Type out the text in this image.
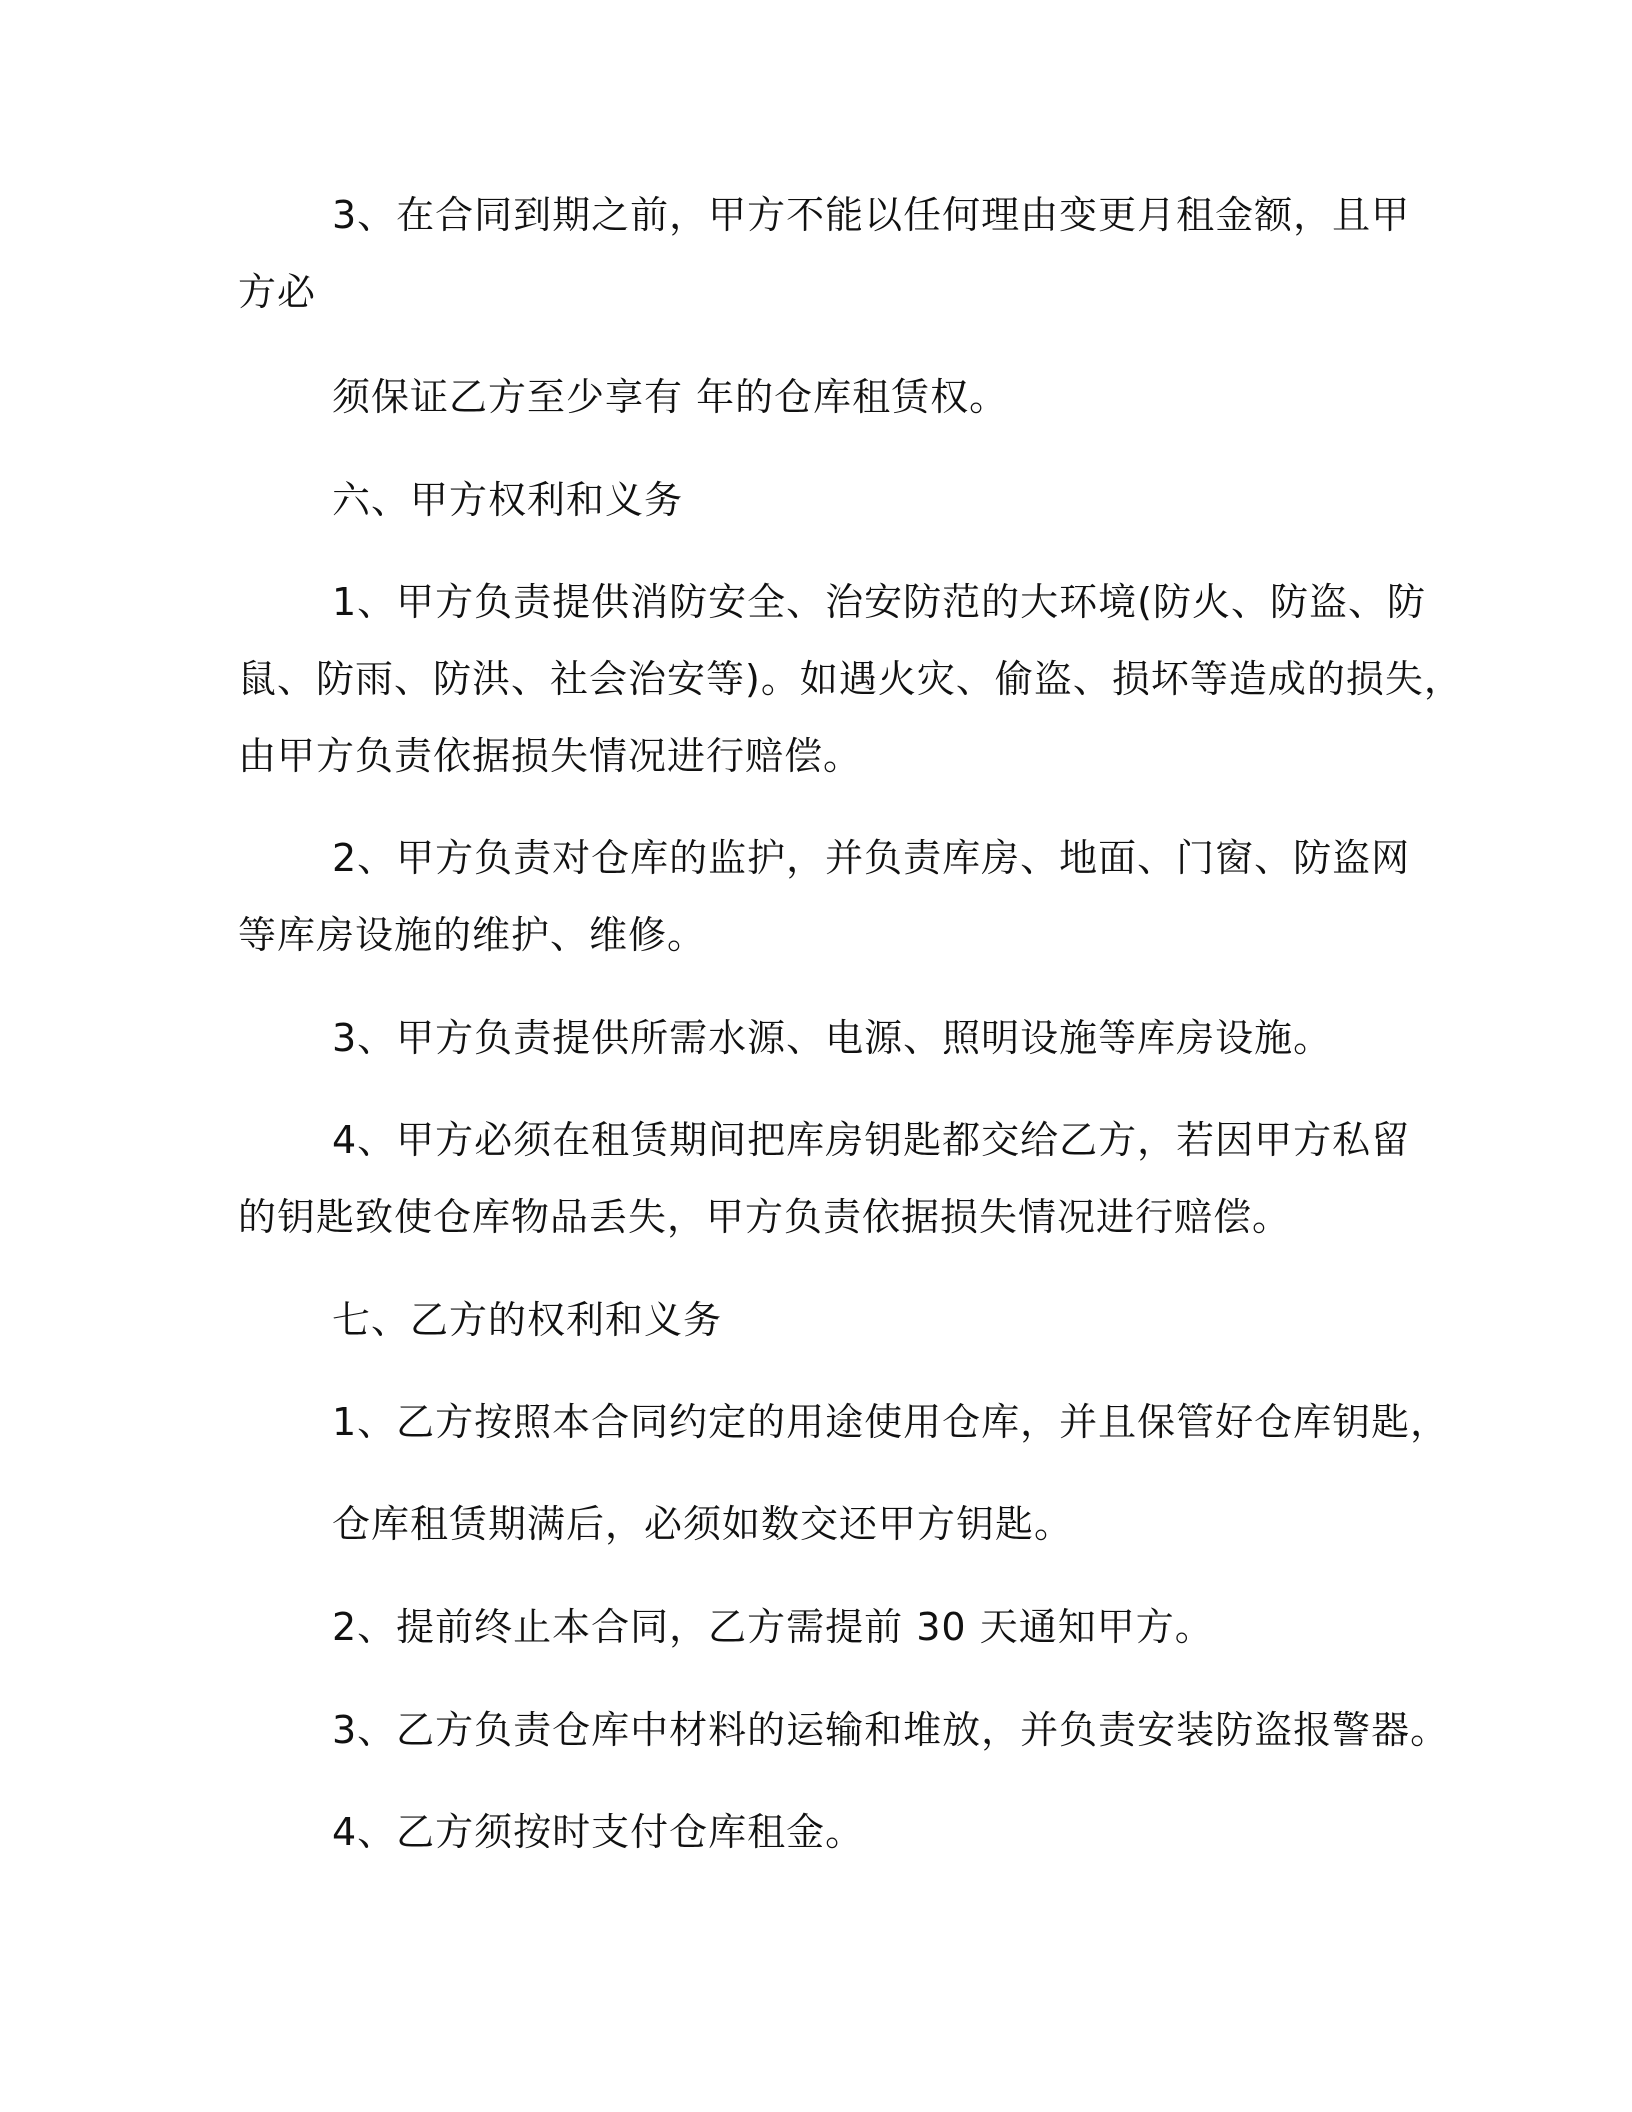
3、在合同到期之前，甲方不能以任何理由变更月租金额，且甲
方必
须保证乙方至少享有 年的仓库租赁权。
六、甲方权利和义务
1、甲方负责提供消防安全、治安防范的大环境(防火、防盗、防
鼠、防雨、防洪、社会治安等)。如遇火灾、偷盗、损坏等造成的损失，
由甲方负责依据损失情况进行赔偿。
2、甲方负责对仓库的监护，并负责库房、地面、门窗、防盗网
等库房设施的维护、维修。
3、甲方负责提供所需水源、电源、照明设施等库房设施。
4、甲方必须在租赁期间把库房钥匙都交给乙方，若因甲方私留
的钥匙致使仓库物品丢失，甲方负责依据损失情况进行赔偿。
七、乙方的权利和义务
1、乙方按照本合同约定的用途使用仓库，并且保管好仓库钥匙，
仓库租赁期满后，必须如数交还甲方钥匙。
2、提前终止本合同，乙方需提前 30 天通知甲方。
3、乙方负责仓库中材料的运输和堆放，并负责安装防盗报警器。
4、乙方须按时支付仓库租金。
